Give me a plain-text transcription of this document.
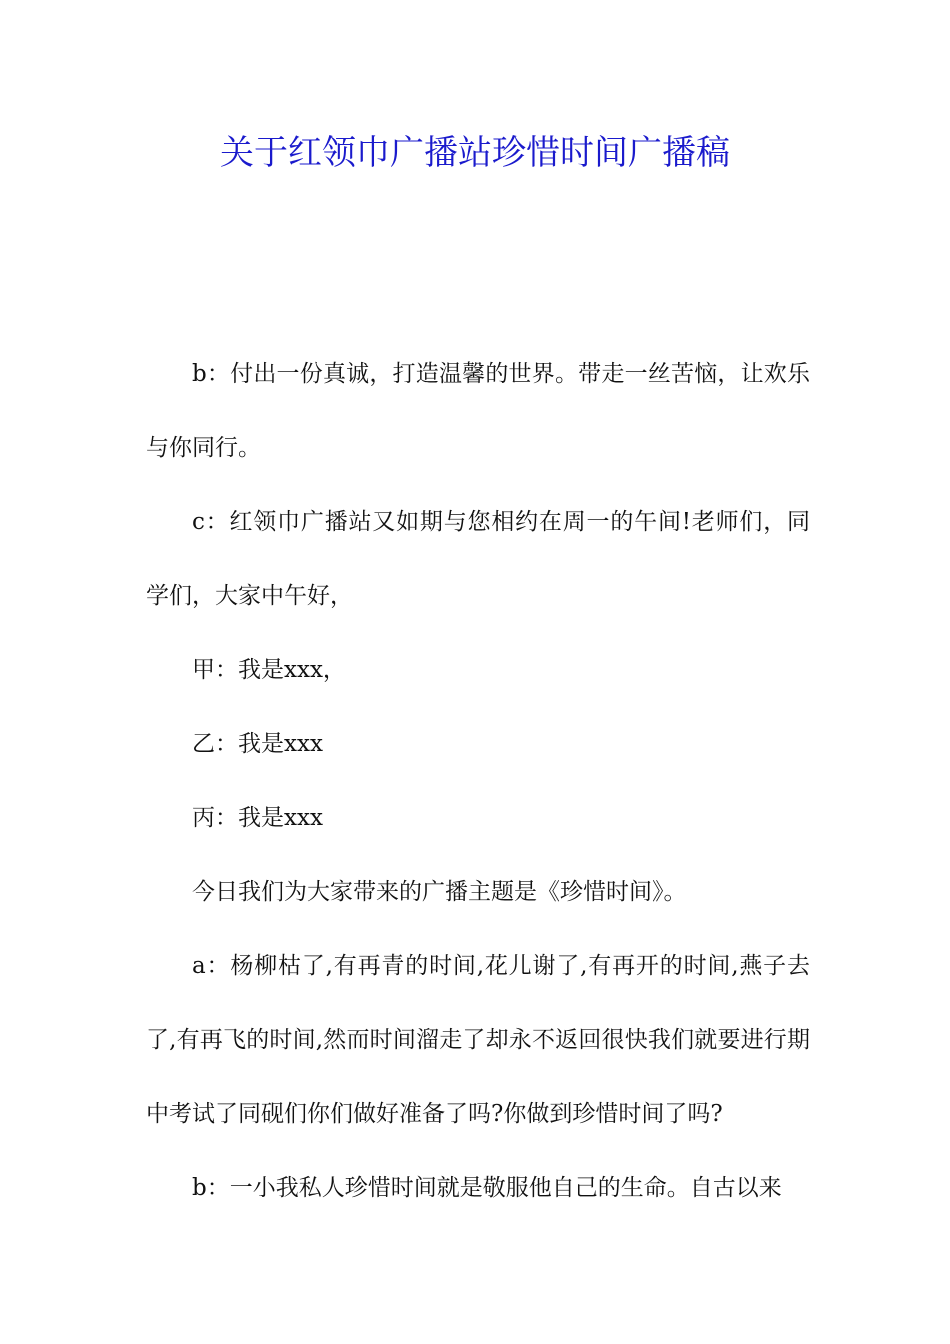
关于红领巾广播站珍惜时间广播稿

b：付出一份真诚，打造温馨的世界。带走一丝苦恼，让欢乐与你同行。

c：红领巾广播站又如期与您相约在周一的午间!老师们，同学们，大家中午好，

甲：我是xxx，

乙：我是xxx

丙：我是xxx

今日我们为大家带来的广播主题是《珍惜时间》。

a：杨柳枯了,有再青的时间,花儿谢了,有再开的时间,燕子去了,有再飞的时间,然而时间溜走了却永不返回很快我们就要进行期中考试了同砚们你们做好准备了吗?你做到珍惜时间了吗?

b：一小我私人珍惜时间就是敬服他自己的生命。自古以来
